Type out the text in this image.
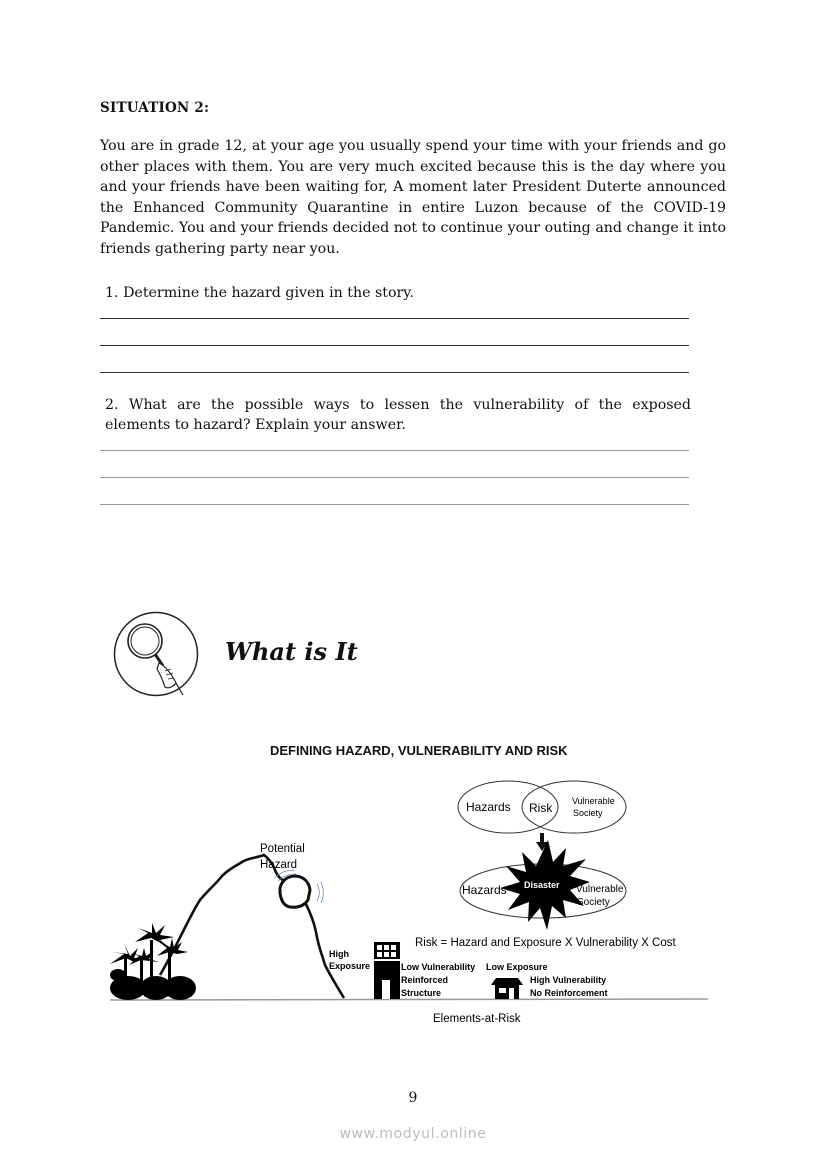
SITUATION 2:
You are in grade 12, at your age you usually spend your time with your friends and go other places with them. You are very much excited because this is the day where you and your friends have been waiting for, A moment later President Duterte announced the Enhanced Community Quarantine in entire Luzon because of the COVID-19 Pandemic. You and your friends decided not to continue your outing and change it into friends gathering party near you.
1. Determine the hazard given in the story.
2. What are the possible ways to lessen the vulnerability of the exposed elements to hazard? Explain your answer.
What is It
DEFINING HAZARD, VULNERABILITY AND RISK
Hazards Risk Vulnerable
Society
Hazards Disaster Vulnerable
Society
Potential
Hazard
High
Exposure	Low Vulnerability
Reinforced
Structure
Low Exposure
High Vulnerability
No Reinforcement
Risk = Hazard and Exposure X Vulnerability X Cost
Elements-at-Risk
9
www.modyul.online
